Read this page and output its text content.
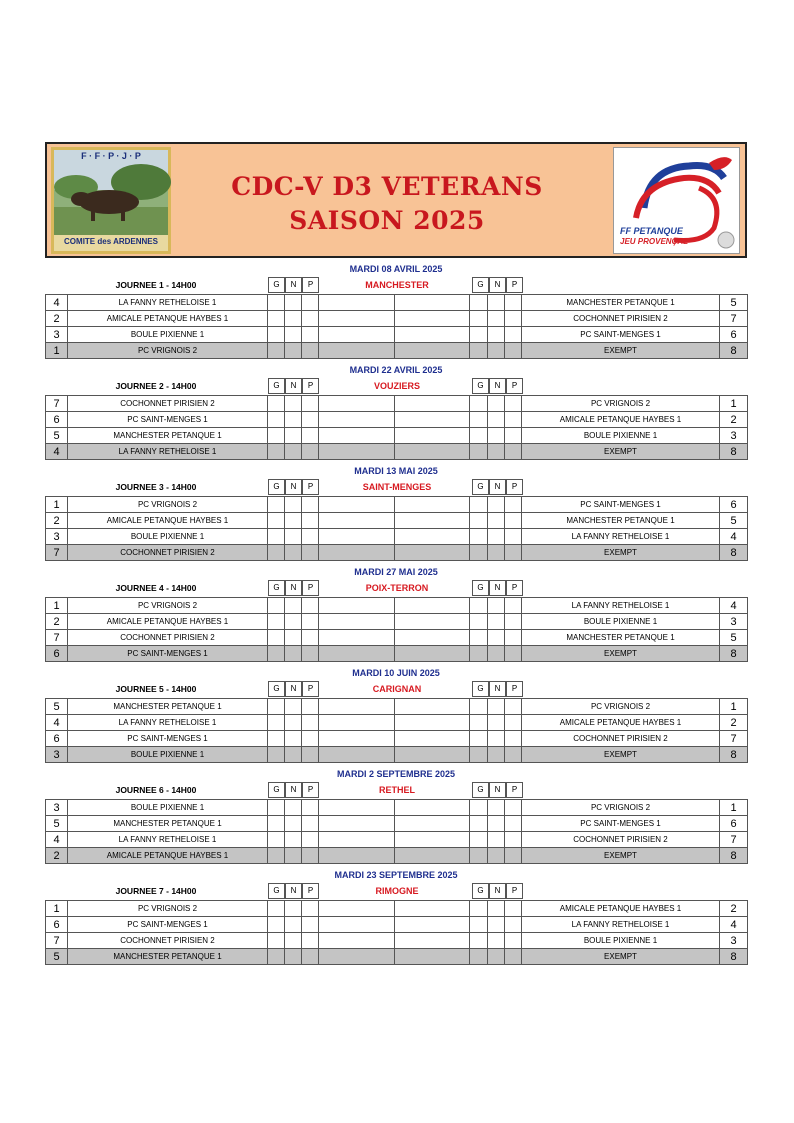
F · F · P · J · P
COMITE des ARDENNES
CDC-V D3 VETERANS
SAISON 2025	FF PETANQUE
JEU PROVENÇAL
MARDI 08 AVRIL 2025
JOURNEE 1 - 14H00	G	N	P	G	N	P
MANCHESTER
4	LA FANNY RETHELOISE 1									MANCHESTER PETANQUE 1	5
2	AMICALE PETANQUE HAYBES 1									COCHONNET PIRISIEN 2	7
3	BOULE PIXIENNE 1									PC SAINT-MENGES 1	6
1	PC VRIGNOIS 2									EXEMPT	8
MARDI 22 AVRIL 2025
JOURNEE 2 - 14H00	G	N	P	G	N	P
VOUZIERS
7	COCHONNET PIRISIEN 2									PC VRIGNOIS 2	1
6	PC SAINT-MENGES 1									AMICALE PETANQUE HAYBES 1	2
5	MANCHESTER PETANQUE 1									BOULE PIXIENNE 1	3
4	LA FANNY RETHELOISE 1									EXEMPT	8
MARDI 13 MAI 2025
JOURNEE 3 - 14H00	G	N	P	G	N	P
SAINT-MENGES
1	PC VRIGNOIS 2									PC SAINT-MENGES 1	6
2	AMICALE PETANQUE HAYBES 1									MANCHESTER PETANQUE 1	5
3	BOULE PIXIENNE 1									LA FANNY RETHELOISE 1	4
7	COCHONNET PIRISIEN 2									EXEMPT	8
MARDI 27 MAI 2025
JOURNEE 4 - 14H00	G	N	P	G	N	P
POIX-TERRON
1	PC VRIGNOIS 2									LA FANNY RETHELOISE 1	4
2	AMICALE PETANQUE HAYBES 1									BOULE PIXIENNE 1	3
7	COCHONNET PIRISIEN 2									MANCHESTER PETANQUE 1	5
6	PC SAINT-MENGES 1									EXEMPT	8
MARDI 10 JUIN 2025
JOURNEE 5 - 14H00	G	N	P	G	N	P
CARIGNAN
5	MANCHESTER PETANQUE 1									PC VRIGNOIS 2	1
4	LA FANNY RETHELOISE 1									AMICALE PETANQUE HAYBES 1	2
6	PC SAINT-MENGES 1									COCHONNET PIRISIEN 2	7
3	BOULE PIXIENNE 1									EXEMPT	8
MARDI 2 SEPTEMBRE 2025
JOURNEE 6 - 14H00	G	N	P	G	N	P
RETHEL
3	BOULE PIXIENNE 1									PC VRIGNOIS 2	1
5	MANCHESTER PETANQUE 1									PC SAINT-MENGES 1	6
4	LA FANNY RETHELOISE 1									COCHONNET PIRISIEN 2	7
2	AMICALE PETANQUE HAYBES 1									EXEMPT	8
MARDI 23 SEPTEMBRE 2025
JOURNEE 7 - 14H00	G	N	P	G	N	P
RIMOGNE
1	PC VRIGNOIS 2									AMICALE PETANQUE HAYBES 1	2
6	PC SAINT-MENGES 1									LA FANNY RETHELOISE 1	4
7	COCHONNET PIRISIEN 2									BOULE PIXIENNE 1	3
5	MANCHESTER PETANQUE 1									EXEMPT	8
